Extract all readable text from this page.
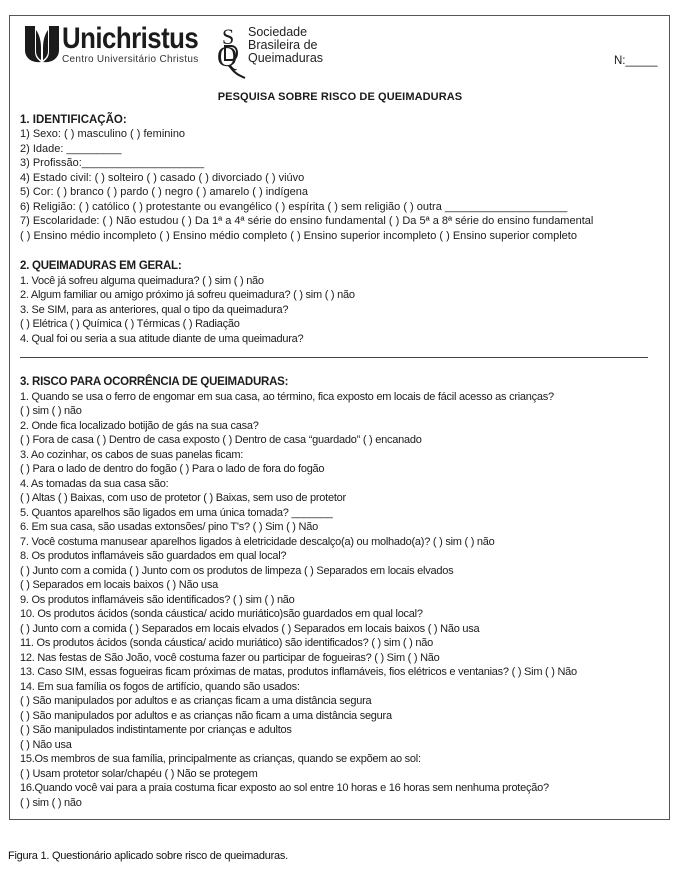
Unichristus
Centro Universitário Christus
S
Q
Sociedade
Brasileira de
Queimaduras	N:_____
PESQUISA SOBRE RISCO DE QUEIMADURAS
1. IDENTIFICAÇÃO:
1) Sexo: ( ) masculino ( ) feminino
2) Idade: _________
3) Profissão:____________________
4) Estado civil: ( ) solteiro ( ) casado ( ) divorciado ( ) viúvo
5) Cor: ( ) branco ( ) pardo ( ) negro ( ) amarelo ( ) indígena
6) Religião: ( ) católico ( ) protestante ou evangélico ( ) espírita ( ) sem religião ( ) outra ____________________
7) Escolaridade: ( ) Não estudou ( ) Da 1ª a 4ª série do ensino fundamental ( ) Da 5ª a 8ª série do ensino fundamental
( ) Ensino médio incompleto ( ) Ensino médio completo ( ) Ensino superior incompleto ( ) Ensino superior completo
2. QUEIMADURAS EM GERAL:
1. Você já sofreu alguma queimadura? ( ) sim ( ) não
2. Algum familiar ou amigo próximo já sofreu queimadura? ( ) sim ( ) não
3. Se SIM, para as anteriores, qual o tipo da queimadura?
( ) Elétrica ( ) Química ( ) Térmicas ( ) Radiação
4. Qual foi ou seria a sua atitude diante de uma queimadura?
3. RISCO PARA OCORRÊNCIA DE QUEIMADURAS:
1. Quando se usa o ferro de engomar em sua casa, ao término, fica exposto em locais de fácil acesso as crianças?
( ) sim ( ) não
2. Onde fica localizado botijão de gás na sua casa?
( ) Fora de casa ( ) Dentro de casa exposto ( ) Dentro de casa “guardado” ( ) encanado
3. Ao cozinhar, os cabos de suas panelas ficam:
( ) Para o lado de dentro do fogão ( ) Para o lado de fora do fogão
4. As tomadas da sua casa são:
( ) Altas ( ) Baixas, com uso de protetor ( ) Baixas, sem uso de protetor
5. Quantos aparelhos são ligados em uma única tomada? _______
6. Em sua casa, são usadas extonsões/ pino T's? ( ) Sim ( ) Não
7. Você costuma manusear aparelhos ligados à eletricidade descalço(a) ou molhado(a)? ( ) sim ( ) não
8. Os produtos inflamáveis são guardados em qual local?
( ) Junto com a comida ( ) Junto com os produtos de limpeza ( ) Separados em locais elvados
( ) Separados em locais baixos ( ) Não usa
9. Os produtos inflamáveis são identificados? ( ) sim ( ) não
10. Os produtos ácidos (sonda cáustica/ acido muriático)são guardados em qual local?
( ) Junto com a comida ( ) Separados em locais elvados ( ) Separados em locais baixos ( ) Não usa
11. Os produtos ácidos (sonda cáustica/ acido muriático) são identificados? ( ) sim ( ) não
12. Nas festas de São João, você costuma fazer ou participar de fogueiras? ( ) Sim ( ) Não
13. Caso SIM, essas fogueiras ficam próximas de matas, produtos inflamáveis, fios elétricos e ventanias? ( ) Sim ( ) Não
14. Em sua família os fogos de artifício, quando são usados:
( ) São manipulados por adultos e as crianças ficam a uma distância segura
( ) São manipulados por adultos e as crianças não ficam a uma distância segura
( ) São manipulados indistintamente por crianças e adultos
( ) Não usa
15.Os membros de sua família, principalmente as crianças, quando se expõem ao sol:
( ) Usam protetor solar/chapéu ( ) Não se protegem
16.Quando você vai para a praia costuma ficar exposto ao sol entre 10 horas e 16 horas sem nenhuma proteção?
( ) sim ( ) não
Figura 1. Questionário aplicado sobre risco de queimaduras.
